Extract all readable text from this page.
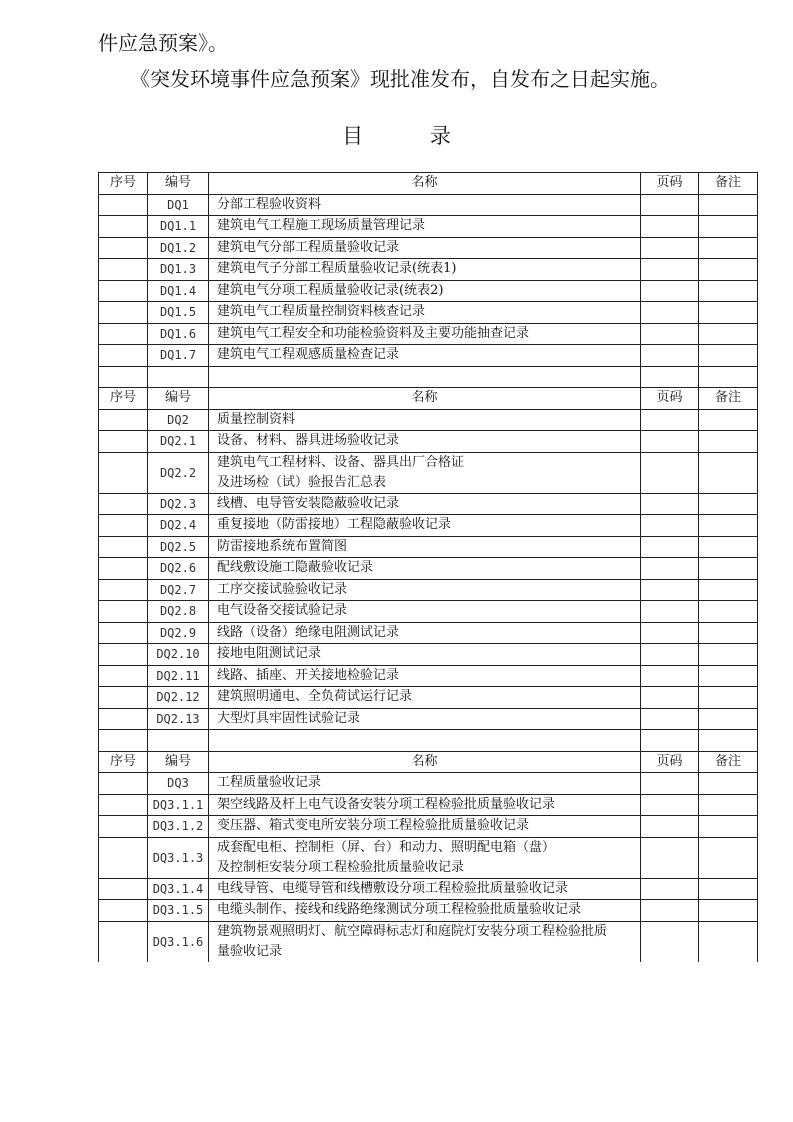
件应急预案》。
《突发环境事件应急预案》现批准发布，自发布之日起实施。
目 录
序号	编号	名称	页码	备注
	DQ1	分部工程验收资料		
	DQ1.1	建筑电气工程施工现场质量管理记录		
	DQ1.2	建筑电气分部工程质量验收记录		
	DQ1.3	建筑电气子分部工程质量验收记录(统表1)		
	DQ1.4	建筑电气分项工程质量验收记录(统表2)		
	DQ1.5	建筑电气工程质量控制资料核查记录		
	DQ1.6	建筑电气工程安全和功能检验资料及主要功能抽查记录		
	DQ1.7	建筑电气工程观感质量检查记录		

序号	编号	名称	页码	备注
	DQ2	质量控制资料		
	DQ2.1	设备、材料、器具进场验收记录		
	DQ2.2	建筑电气工程材料、设备、器具出厂合格证
及进场检（试）验报告汇总表		
	DQ2.3	线槽、电导管安装隐蔽验收记录		
	DQ2.4	重复接地（防雷接地）工程隐蔽验收记录		
	DQ2.5	防雷接地系统布置简图		
	DQ2.6	配线敷设施工隐蔽验收记录		
	DQ2.7	工序交接试验验收记录		
	DQ2.8	电气设备交接试验记录		
	DQ2.9	线路（设备）绝缘电阻测试记录		
	DQ2.10	接地电阻测试记录		
	DQ2.11	线路、插座、开关接地检验记录		
	DQ2.12	建筑照明通电、全负荷试运行记录		
	DQ2.13	大型灯具牢固性试验记录		

序号	编号	名称	页码	备注
	DQ3	工程质量验收记录		
	DQ3.1.1	架空线路及杆上电气设备安装分项工程检验批质量验收记录		
	DQ3.1.2	变压器、箱式变电所安装分项工程检验批质量验收记录		
	DQ3.1.3	成套配电柜、控制柜（屏、台）和动力、照明配电箱（盘）
及控制柜安装分项工程检验批质量验收记录		
	DQ3.1.4	电线导管、电缆导管和线槽敷设分项工程检验批质量验收记录		
	DQ3.1.5	电缆头制作、接线和线路绝缘测试分项工程检验批质量验收记录		
	DQ3.1.6	建筑物景观照明灯、航空障碍标志灯和庭院灯安装分项工程检验批质
量验收记录		
